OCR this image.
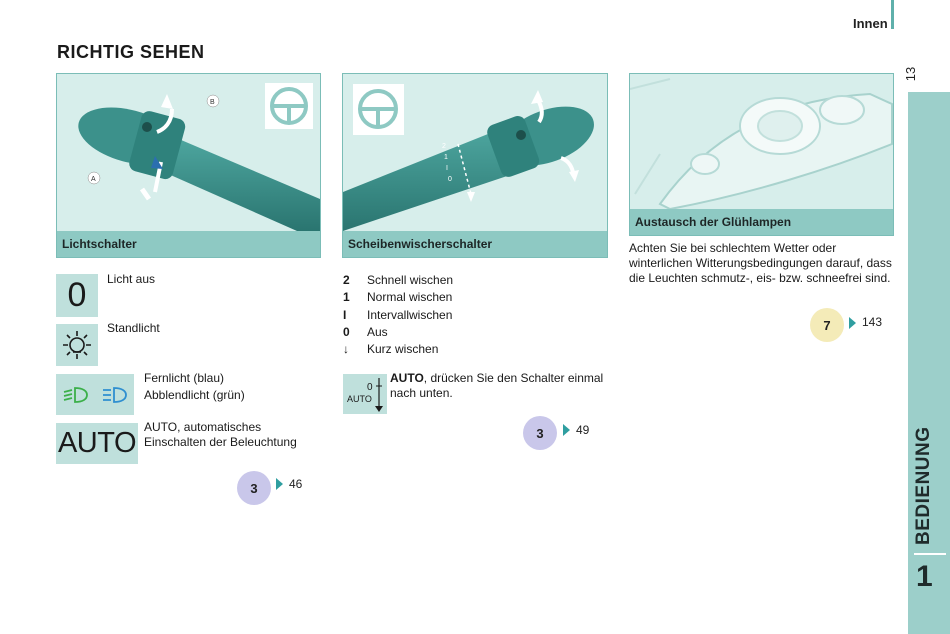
Innen
13
RICHTIG SEHEN
BEDIENUNG
1
B
A
Lichtschalter
2
1
I
0
Scheibenwischerschalter
Austausch der Glühlampen
0 Licht aus
Standlicht
Fernlicht (blau)
Abblendlicht (grün)
AUTO AUTO, automatisches
Einschalten der Beleuchtung
3	46
2 Schnell wischen
1 Normal wischen
I Intervallwischen
0 Aus
↓ Kurz wischen
0
AUTO
AUTO, drücken Sie den Schalter einmal
nach unten.
3	49
Achten Sie bei schlechtem Wetter oder
winterlichen Witterungsbedingungen darauf, dass
die Leuchten schmutz-, eis- bzw. schneefrei sind.
7	143
